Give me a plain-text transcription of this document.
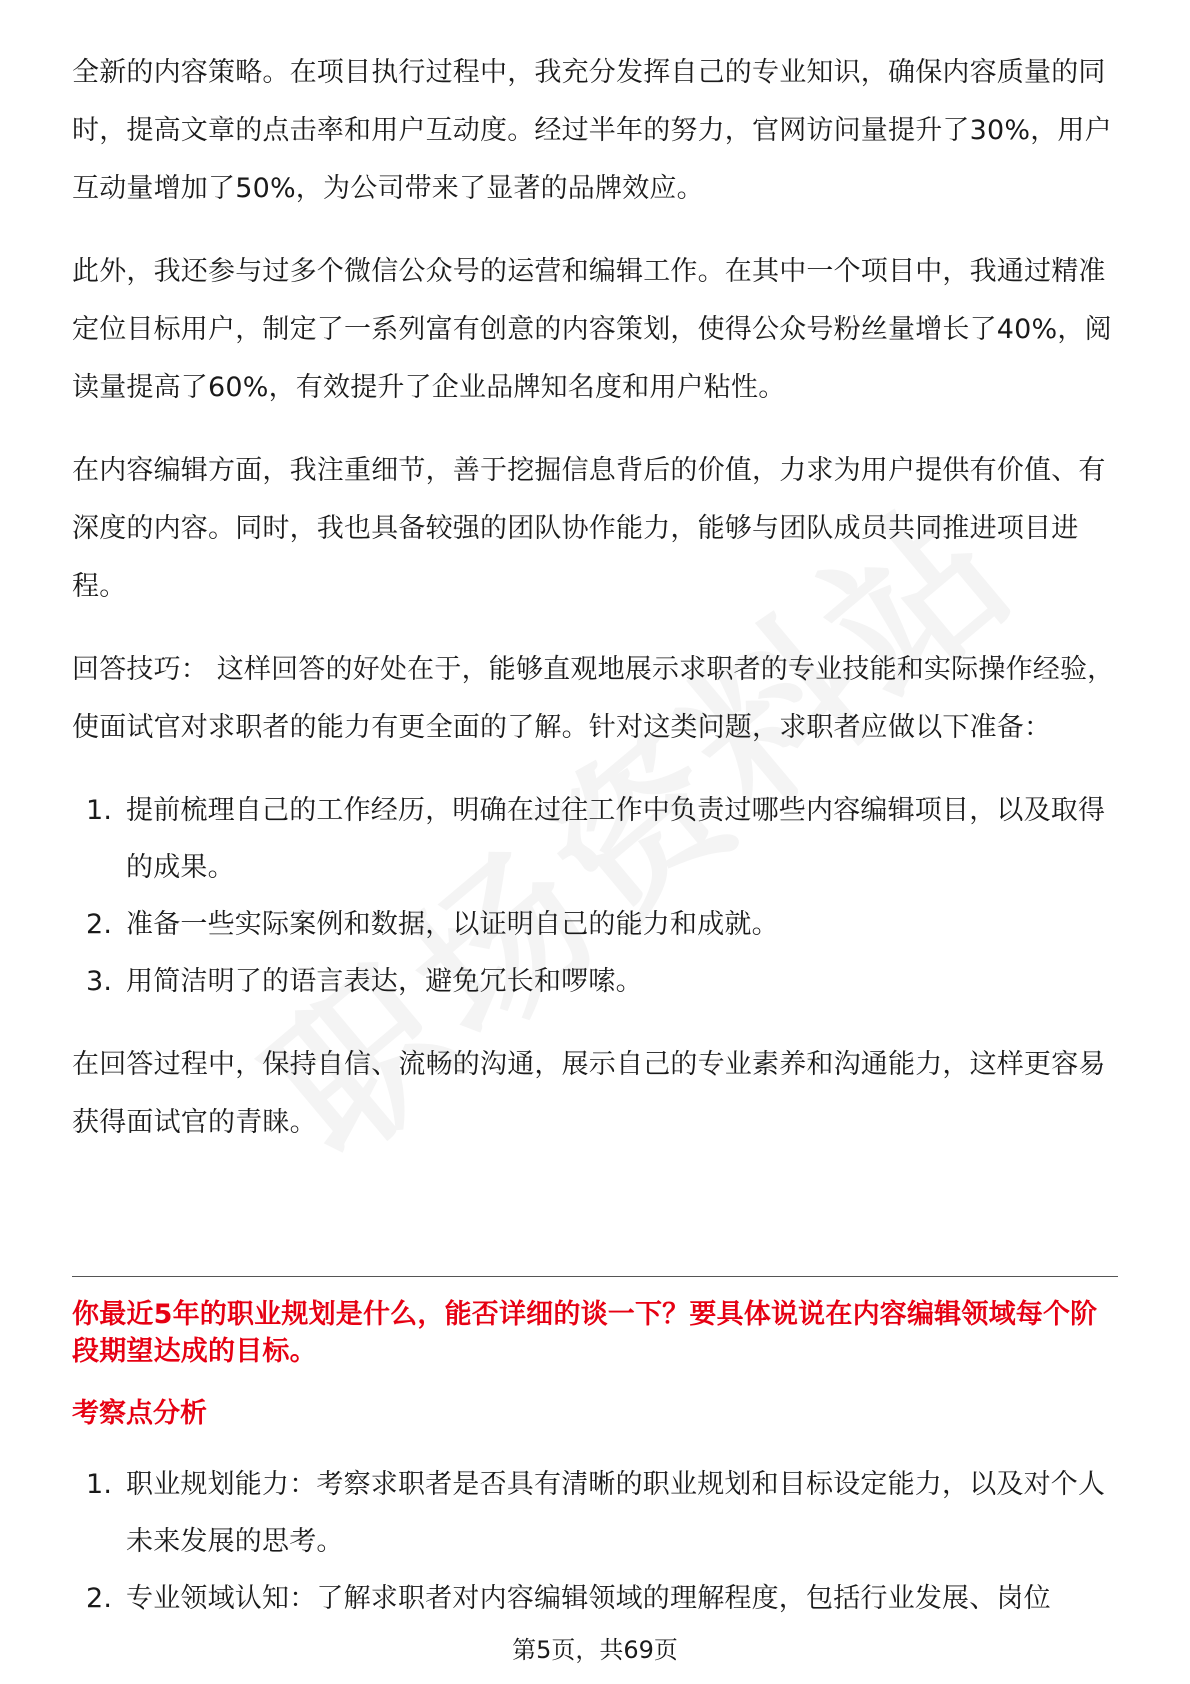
全新的内容策略。在项目执行过程中，我充分发挥自己的专业知识，确保内容质量的同时，提高文章的点击率和用户互动度。经过半年的努力，官网访问量提升了30%，用户互动量增加了50%，为公司带来了显著的品牌效应。

此外，我还参与过多个微信公众号的运营和编辑工作。在其中一个项目中，我通过精准定位目标用户，制定了一系列富有创意的内容策划，使得公众号粉丝量增长了40%，阅读量提高了60%，有效提升了企业品牌知名度和用户粘性。

在内容编辑方面，我注重细节，善于挖掘信息背后的价值，力求为用户提供有价值、有深度的内容。同时，我也具备较强的团队协作能力，能够与团队成员共同推进项目进程。

回答技巧： 这样回答的好处在于，能够直观地展示求职者的专业技能和实际操作经验，使面试官对求职者的能力有更全面的了解。针对这类问题，求职者应做以下准备：

1. 提前梳理自己的工作经历，明确在过往工作中负责过哪些内容编辑项目，以及取得的成果。
2. 准备一些实际案例和数据，以证明自己的能力和成就。
3. 用简洁明了的语言表达，避免冗长和啰嗦。

在回答过程中，保持自信、流畅的沟通，展示自己的专业素养和沟通能力，这样更容易获得面试官的青睐。

你最近5年的职业规划是什么，能否详细的谈一下？要具体说说在内容编辑领域每个阶段期望达成的目标。

考察点分析

1. 职业规划能力：考察求职者是否具有清晰的职业规划和目标设定能力，以及对个人未来发展的思考。
2. 专业领域认知：了解求职者对内容编辑领域的理解程度，包括行业发展、岗位
第5页，共69页
